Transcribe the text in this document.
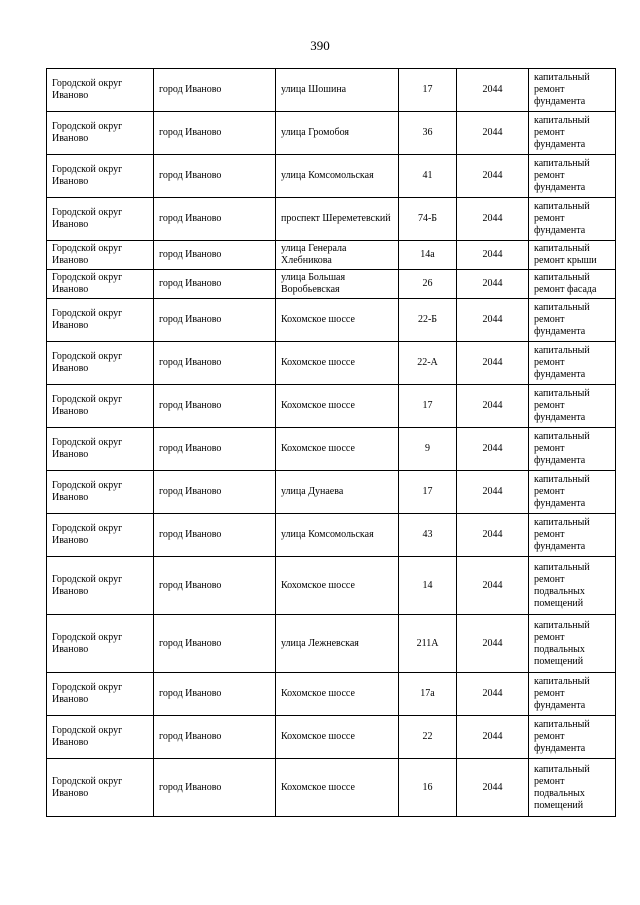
390
Городской округ Иваново	город Иваново	улица Шошина	17	2044	капитальный ремонт фундамента
Городской округ Иваново	город Иваново	улица Громобоя	36	2044	капитальный ремонт фундамента
Городской округ Иваново	город Иваново	улица Комсомольская	41	2044	капитальный ремонт фундамента
Городской округ Иваново	город Иваново	проспект Шереметевский	74-Б	2044	капитальный ремонт фундамента
Городской округ Иваново	город Иваново	улица Генерала Хлебникова	14а	2044	капитальный ремонт крыши
Городской округ Иваново	город Иваново	улица Большая Воробьевская	26	2044	капитальный ремонт фасада
Городской округ Иваново	город Иваново	Кохомское шоссе	22-Б	2044	капитальный ремонт фундамента
Городской округ Иваново	город Иваново	Кохомское шоссе	22-А	2044	капитальный ремонт фундамента
Городской округ Иваново	город Иваново	Кохомское шоссе	17	2044	капитальный ремонт фундамента
Городской округ Иваново	город Иваново	Кохомское шоссе	9	2044	капитальный ремонт фундамента
Городской округ Иваново	город Иваново	улица Дунаева	17	2044	капитальный ремонт фундамента
Городской округ Иваново	город Иваново	улица Комсомольская	43	2044	капитальный ремонт фундамента
Городской округ Иваново	город Иваново	Кохомское шоссе	14	2044	капитальный ремонт подвальных помещений
Городской округ Иваново	город Иваново	улица Лежневская	211А	2044	капитальный ремонт подвальных помещений
Городской округ Иваново	город Иваново	Кохомское шоссе	17а	2044	капитальный ремонт фундамента
Городской округ Иваново	город Иваново	Кохомское шоссе	22	2044	капитальный ремонт фундамента
Городской округ Иваново	город Иваново	Кохомское шоссе	16	2044	капитальный ремонт подвальных помещений
